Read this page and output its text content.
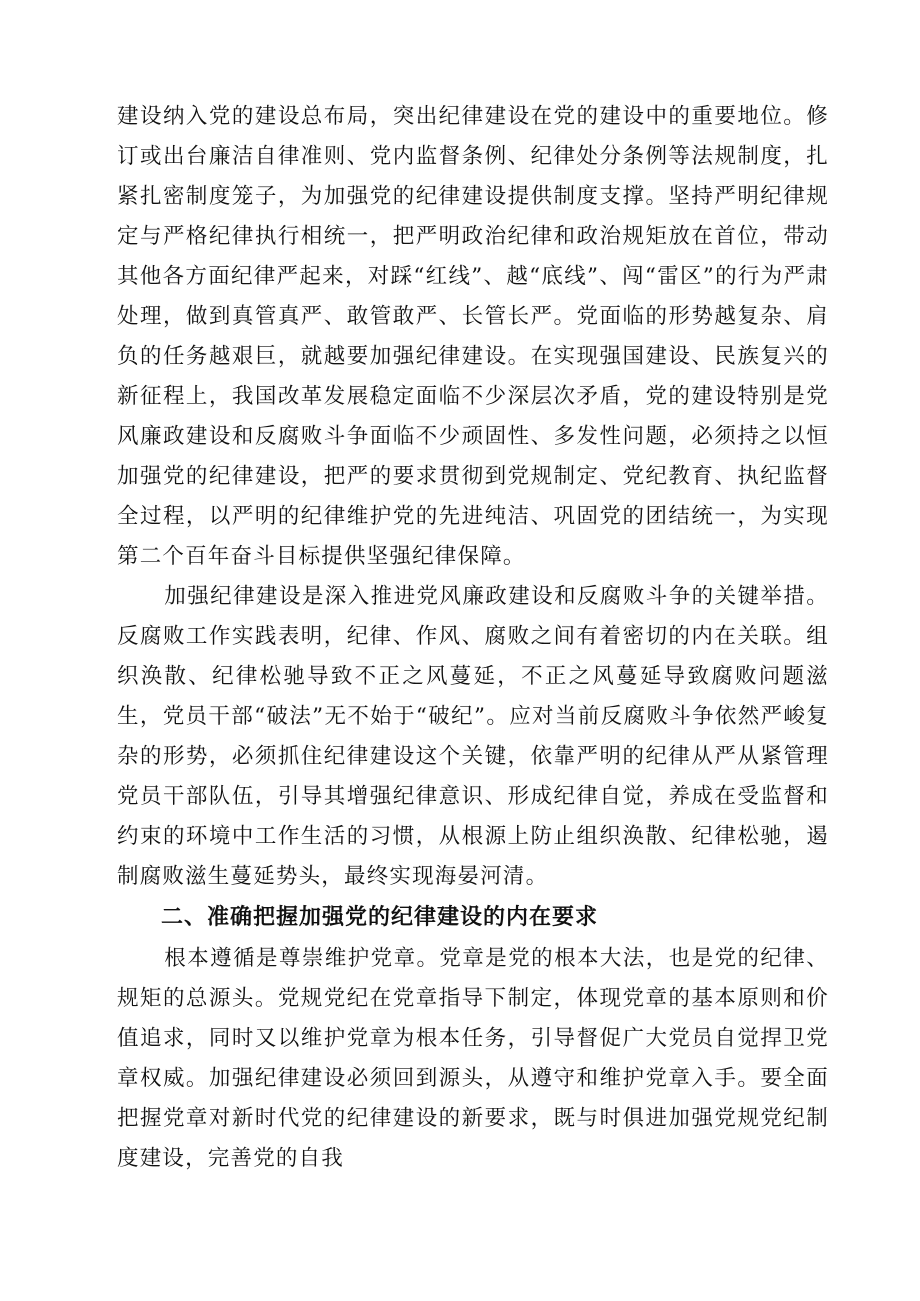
建设纳入党的建设总布局，突出纪律建设在党的建设中的重要地位。修订或出台廉洁自律准则、党内监督条例、纪律处分条例等法规制度，扎紧扎密制度笼子，为加强党的纪律建设提供制度支撑。坚持严明纪律规定与严格纪律执行相统一，把严明政治纪律和政治规矩放在首位，带动其他各方面纪律严起来，对踩“红线”、越“底线”、闯“雷区”的行为严肃处理，做到真管真严、敢管敢严、长管长严。党面临的形势越复杂、肩负的任务越艰巨，就越要加强纪律建设。在实现强国建设、民族复兴的新征程上，我国改革发展稳定面临不少深层次矛盾，党的建设特别是党风廉政建设和反腐败斗争面临不少顽固性、多发性问题，必须持之以恒加强党的纪律建设，把严的要求贯彻到党规制定、党纪教育、执纪监督全过程，以严明的纪律维护党的先进纯洁、巩固党的团结统一，为实现第二个百年奋斗目标提供坚强纪律保障。

加强纪律建设是深入推进党风廉政建设和反腐败斗争的关键举措。反腐败工作实践表明，纪律、作风、腐败之间有着密切的内在关联。组织涣散、纪律松驰导致不正之风蔓延，不正之风蔓延导致腐败问题滋生，党员干部“破法”无不始于“破纪”。应对当前反腐败斗争依然严峻复杂的形势，必须抓住纪律建设这个关键，依靠严明的纪律从严从紧管理党员干部队伍，引导其增强纪律意识、形成纪律自觉，养成在受监督和约束的环境中工作生活的习惯，从根源上防止组织涣散、纪律松驰，遏制腐败滋生蔓延势头，最终实现海晏河清。

二、准确把握加强党的纪律建设的内在要求

根本遵循是尊崇维护党章。党章是党的根本大法，也是党的纪律、规矩的总源头。党规党纪在党章指导下制定，体现党章的基本原则和价值追求，同时又以维护党章为根本任务，引导督促广大党员自觉捍卫党章权威。加强纪律建设必须回到源头，从遵守和维护党章入手。要全面把握党章对新时代党的纪律建设的新要求，既与时俱进加强党规党纪制度建设，完善党的自我
